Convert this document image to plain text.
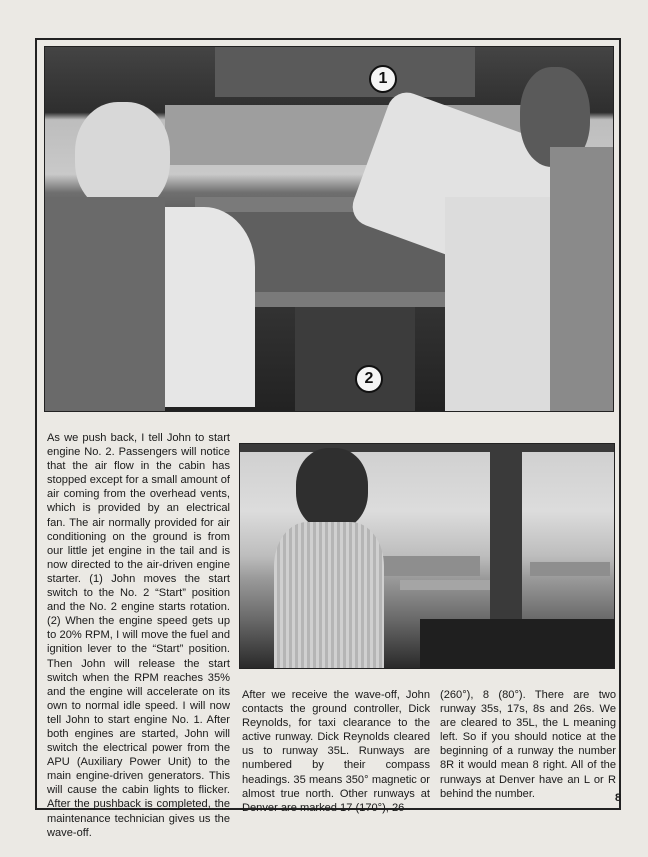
1
2

As we push back, I tell John to start engine No. 2. Passengers will notice that the air flow in the cabin has stopped except for a small amount of air coming from the overhead vents, which is provided by an electrical fan. The air normally provided for air conditioning on the ground is from our little jet engine in the tail and is now directed to the air-driven engine starter. (1) John moves the start switch to the No. 2 “Start” position and the No. 2 engine starts rotation. (2) When the engine speed gets up to 20% RPM, I will move the fuel and ignition lever to the “Start” position. Then John will release the start switch when the RPM reaches 35% and the engine will accelerate on its own to normal idle speed. I will now tell John to start engine No. 1. After both engines are started, John will switch the electrical power from the APU (Auxiliary Power Unit) to the main engine-driven generators. This will cause the cabin lights to flicker. After the pushback is completed, the maintenance technician gives us the wave-off.

After we receive the wave-off, John contacts the ground controller, Dick Reynolds, for taxi clearance to the active runway. Dick Reynolds cleared us to runway 35L. Runways are numbered by their compass headings. 35 means 350° magnetic or almost true north. Other runways at Denver are marked 17 (170°), 26

(260°), 8 (80°). There are two runway 35s, 17s, 8s and 26s. We are cleared to 35L, the L meaning left. So if you should notice at the beginning of a runway the number 8R it would mean 8 right. All of the runways at Denver have an L or R behind the number.	8
